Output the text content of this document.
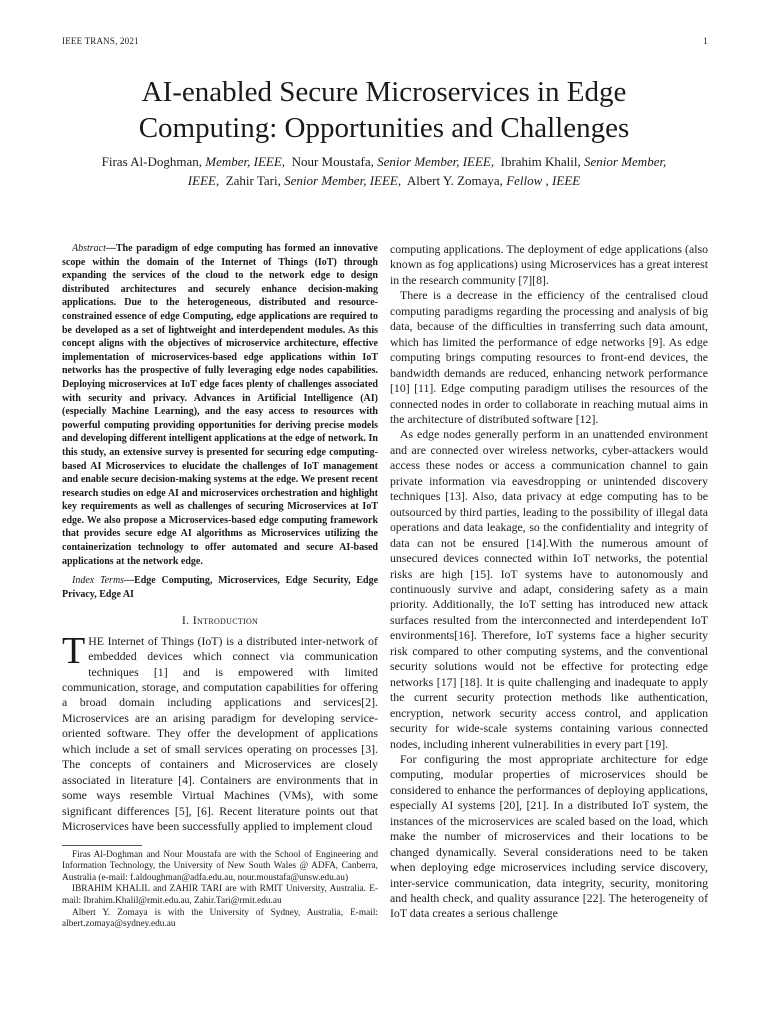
IEEE TRANS, 2021	1
AI-enabled Secure Microservices in Edge
Computing: Opportunities and Challenges
Firas Al-Doghman, Member, IEEE, Nour Moustafa, Senior Member, IEEE, Ibrahim Khalil, Senior Member, IEEE, Zahir Tari, Senior Member, IEEE, Albert Y. Zomaya, Fellow , IEEE
Abstract—The paradigm of edge computing has formed an innovative scope within the domain of the Internet of Things (IoT) through expanding the services of the cloud to the network edge to design distributed architectures and securely enhance decision-making applications. Due to the heterogeneous, distributed and resource-constrained essence of edge Computing, edge applications are required to be developed as a set of lightweight and interdependent modules. As this concept aligns with the objectives of microservice architecture, effective implementation of microservices-based edge applications within IoT networks has the prospective of fully leveraging edge nodes capabilities. Deploying microservices at IoT edge faces plenty of challenges associated with security and privacy. Advances in Artificial Intelligence (AI) (especially Machine Learning), and the easy access to resources with powerful computing providing opportunities for deriving precise models and developing different intelligent applications at the edge of network. In this study, an extensive survey is presented for securing edge computing-based AI Microservices to elucidate the challenges of IoT management and enable secure decision-making systems at the edge. We present recent research studies on edge AI and microservices orchestration and highlight key requirements as well as challenges of securing Microservices at IoT edge. We also propose a Microservices-based edge computing framework that provides secure edge AI algorithms as Microservices utilizing the containerization technology to offer automated and secure AI-based applications at the network edge.
Index Terms—Edge Computing, Microservices, Edge Security, Edge Privacy, Edge AI
I. Introduction

THE Internet of Things (IoT) is a distributed inter-network of embedded devices which connect via communication techniques [1] and is empowered with limited communication, storage, and computation capabilities for offering a broad domain including applications and services[2]. Microservices are an arising paradigm for developing service-oriented software. They offer the development of applications which include a set of small services operating on processes [3]. The concepts of containers and Microservices are closely associated in literature [4]. Containers are environments that in some ways resemble Virtual Machines (VMs), with some significant differences [5], [6]. Recent literature points out that Microservices have been successfully applied to implement cloud

Firas Al-Doghman and Nour Moustafa are with the School of Engineering and Information Technology, the University of New South Wales @ ADFA, Canberra, Australia (e-mail: f.aldoughman@adfa.edu.au, nour.moustafa@unsw.edu.au)

IBRAHIM KHALIL and ZAHIR TARI are with RMIT University, Australia. E-mail: Ibrahim.Khalil@rmit.edu.au, Zahir.Tari@rmit.edu.au

Albert Y. Zomaya is with the University of Sydney, Australia, E-mail: albert.zomaya@sydney.edu.au

computing applications. The deployment of edge applications (also known as fog applications) using Microservices has a great interest in the research community [7][8].

There is a decrease in the efficiency of the centralised cloud computing paradigms regarding the processing and analysis of big data, because of the difficulties in transferring such data amount, which has limited the performance of edge networks [9]. As edge computing brings computing resources to front-end devices, the bandwidth demands are reduced, enhancing network performance [10] [11]. Edge computing paradigm utilises the resources of the connected nodes in order to collaborate in reaching mutual aims in the architecture of distributed software [12].

As edge nodes generally perform in an unattended environment and are connected over wireless networks, cyber-attackers would access these nodes or access a communication channel to gain private information via eavesdropping or unintended discovery techniques [13]. Also, data privacy at edge computing has to be outsourced by third parties, leading to the possibility of illegal data operations and data leakage, so the confidentiality and integrity of data can not be ensured [14].With the numerous amount of unsecured devices connected within IoT networks, the potential risks are high [15]. IoT systems have to autonomously and continuously survive and adapt, considering safety as a main priority. Additionally, the IoT setting has introduced new attack surfaces resulted from the interconnected and interdependent IoT environments[16]. Therefore, IoT systems face a higher security risk compared to other computing systems, and the conventional security solutions would not be effective for protecting edge networks [17] [18]. It is quite challenging and inadequate to apply the current security protection methods like authentication, encryption, network security access control, and application security for wide-scale systems containing various connected nodes, including inherent vulnerabilities in every part [19].

For configuring the most appropriate architecture for edge computing, modular properties of microservices should be considered to enhance the performances of deploying applications, especially AI systems [20], [21]. In a distributed IoT system, the instances of the microservices are scaled based on the load, which make the number of microservices and their locations to be changed dynamically. Several considerations need to be taken when deploying edge microservices including service discovery, inter-service communication, data integrity, security, monitoring and health check, and quality assurance [22]. The heterogeneity of IoT data creates a serious challenge
